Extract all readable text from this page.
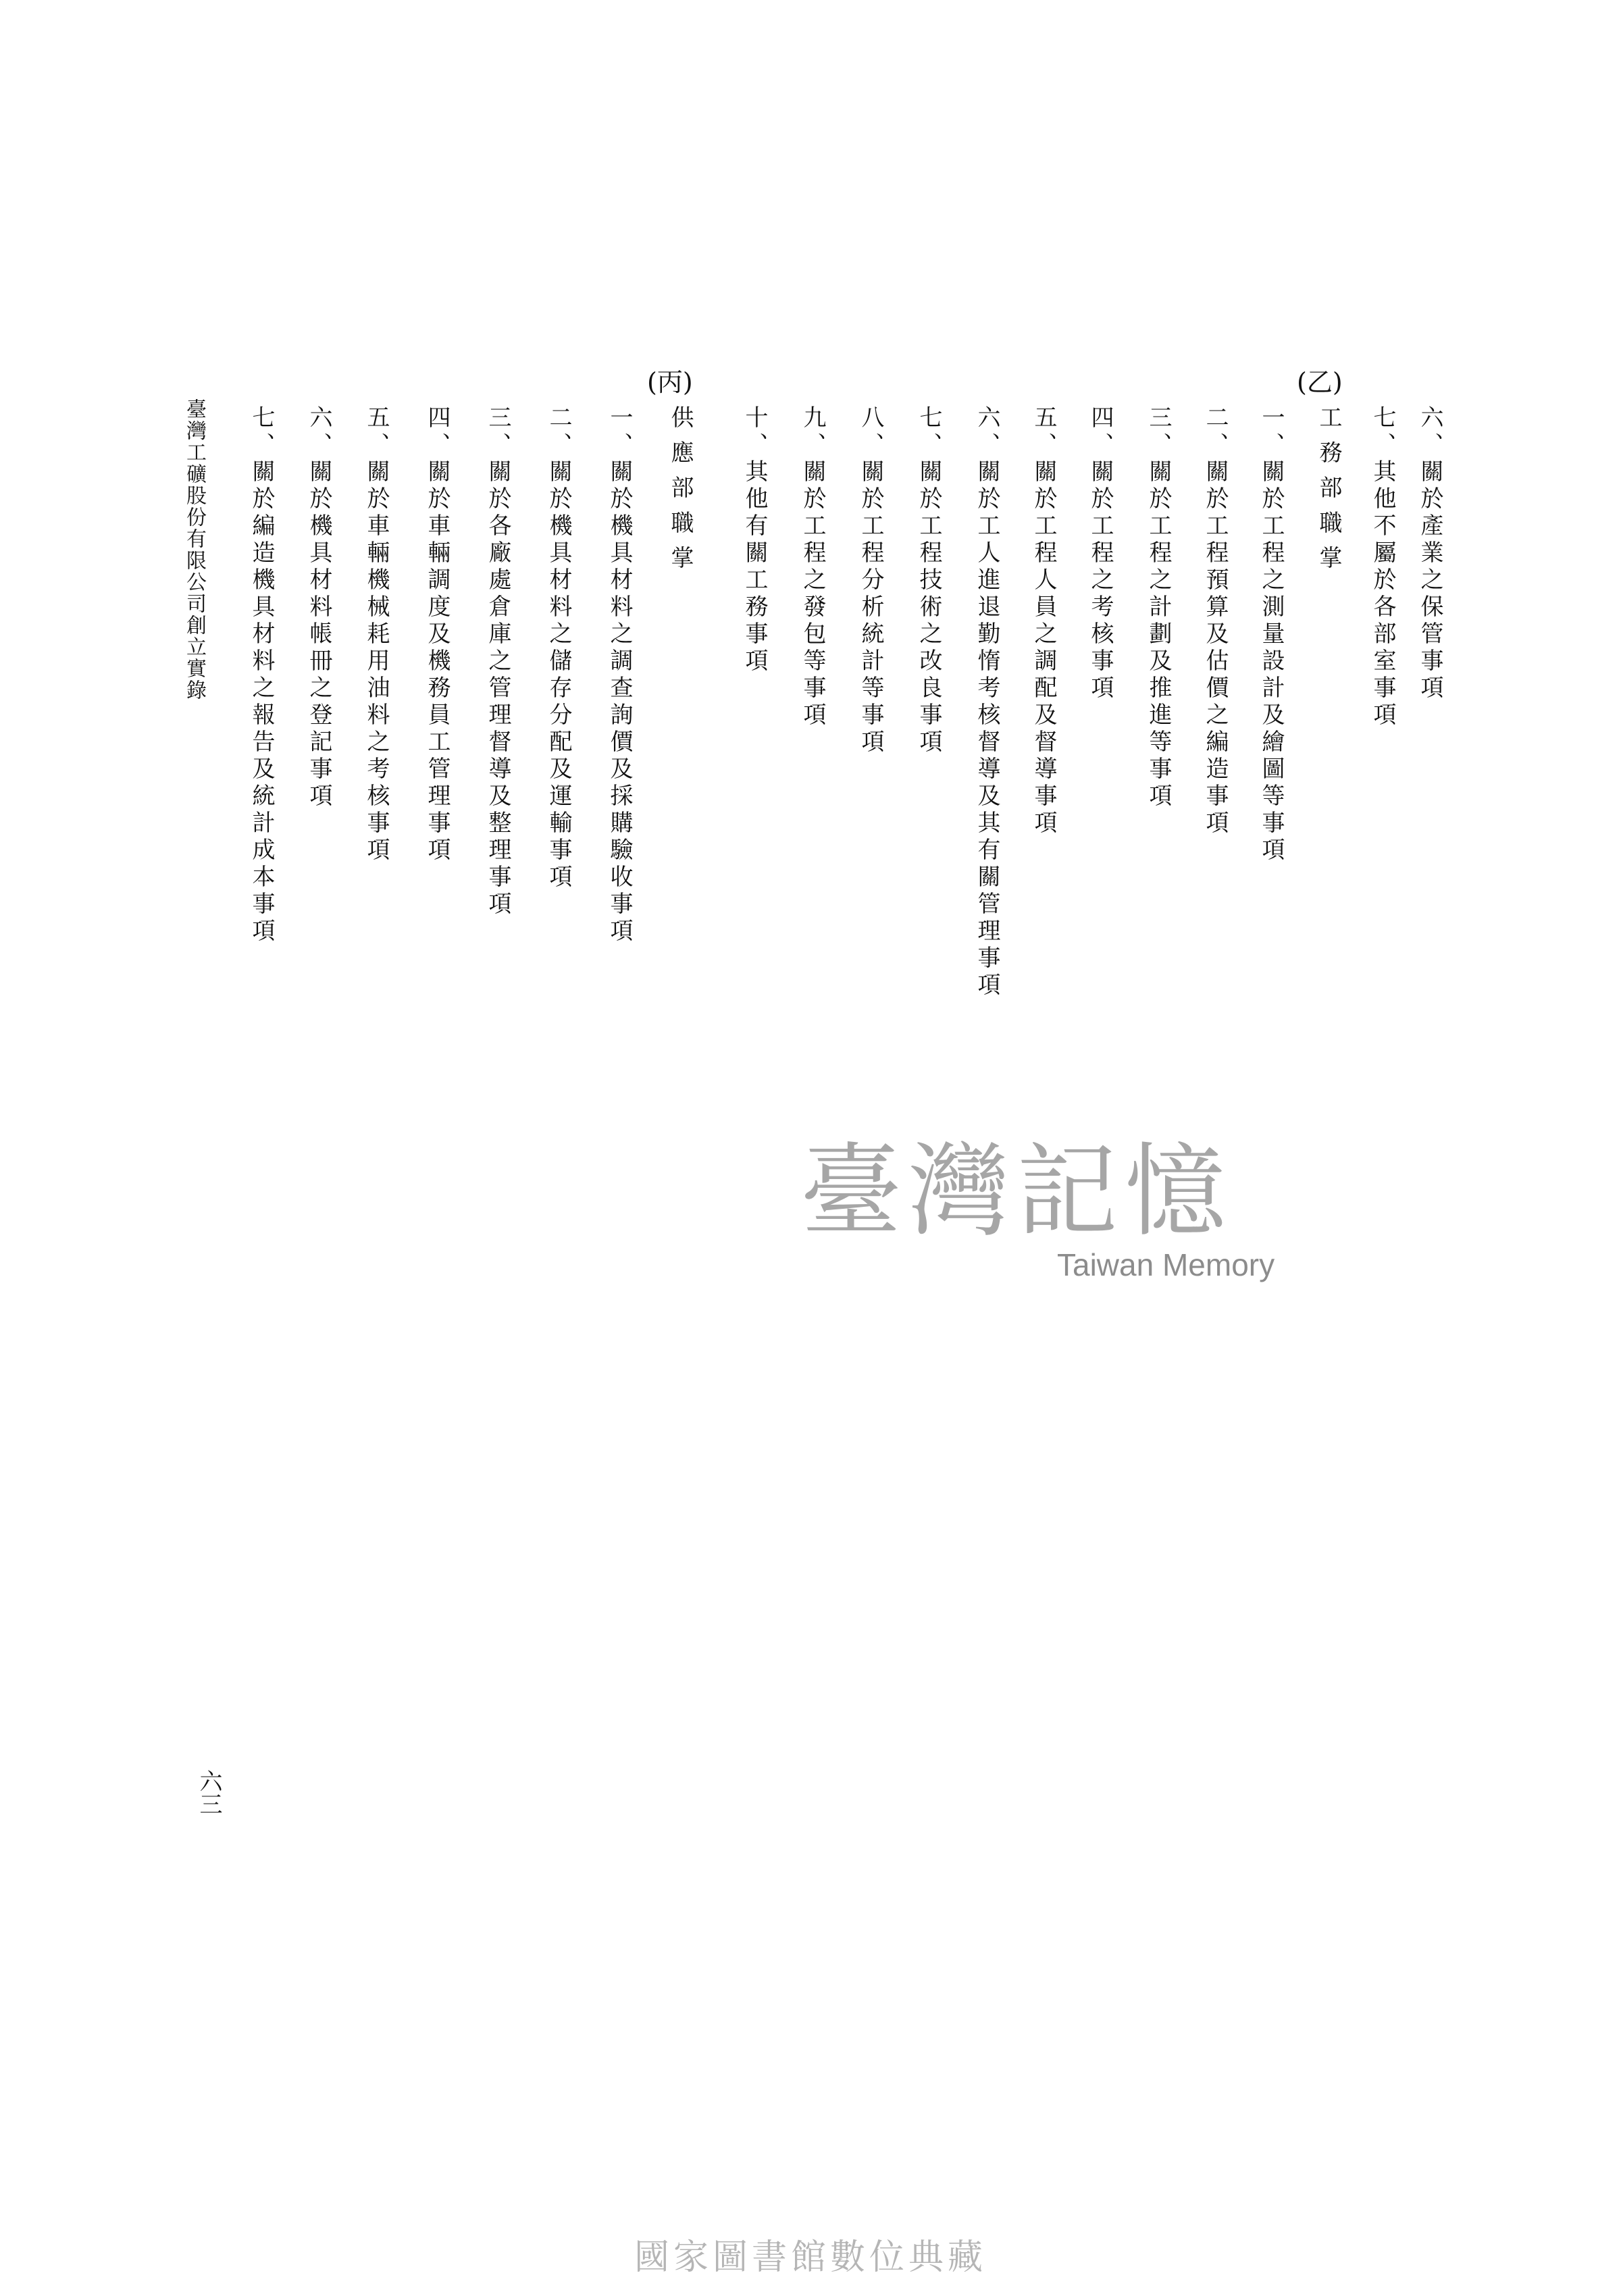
六、關於產業之保管事項
七、其他不屬於各部室事項
(乙)
工務部職掌
一、關於工程之測量設計及繪圖等事項
二、關於工程預算及估價之編造事項
三、關於工程之計劃及推進等事項
四、關於工程之考核事項
五、關於工程人員之調配及督導事項
六、關於工人進退勤惰考核督導及其有關管理事項
七、關於工程技術之改良事項
八、關於工程分析統計等事項
九、關於工程之發包等事項
十、其他有關工務事項
(丙)
供應部職掌
一、關於機具材料之調查詢價及採購驗收事項
二、關於機具材料之儲存分配及運輸事項
三、關於各廠處倉庫之管理督導及整理事項
四、關於車輛調度及機務員工管理事項
五、關於車輛機械耗用油料之考核事項
六、關於機具材料帳冊之登記事項
七、關於編造機具材料之報告及統計成本事項
臺灣工礦股份有限公司創立實錄
六三
臺灣記憶
Taiwan Memory
國家圖書館數位典藏
